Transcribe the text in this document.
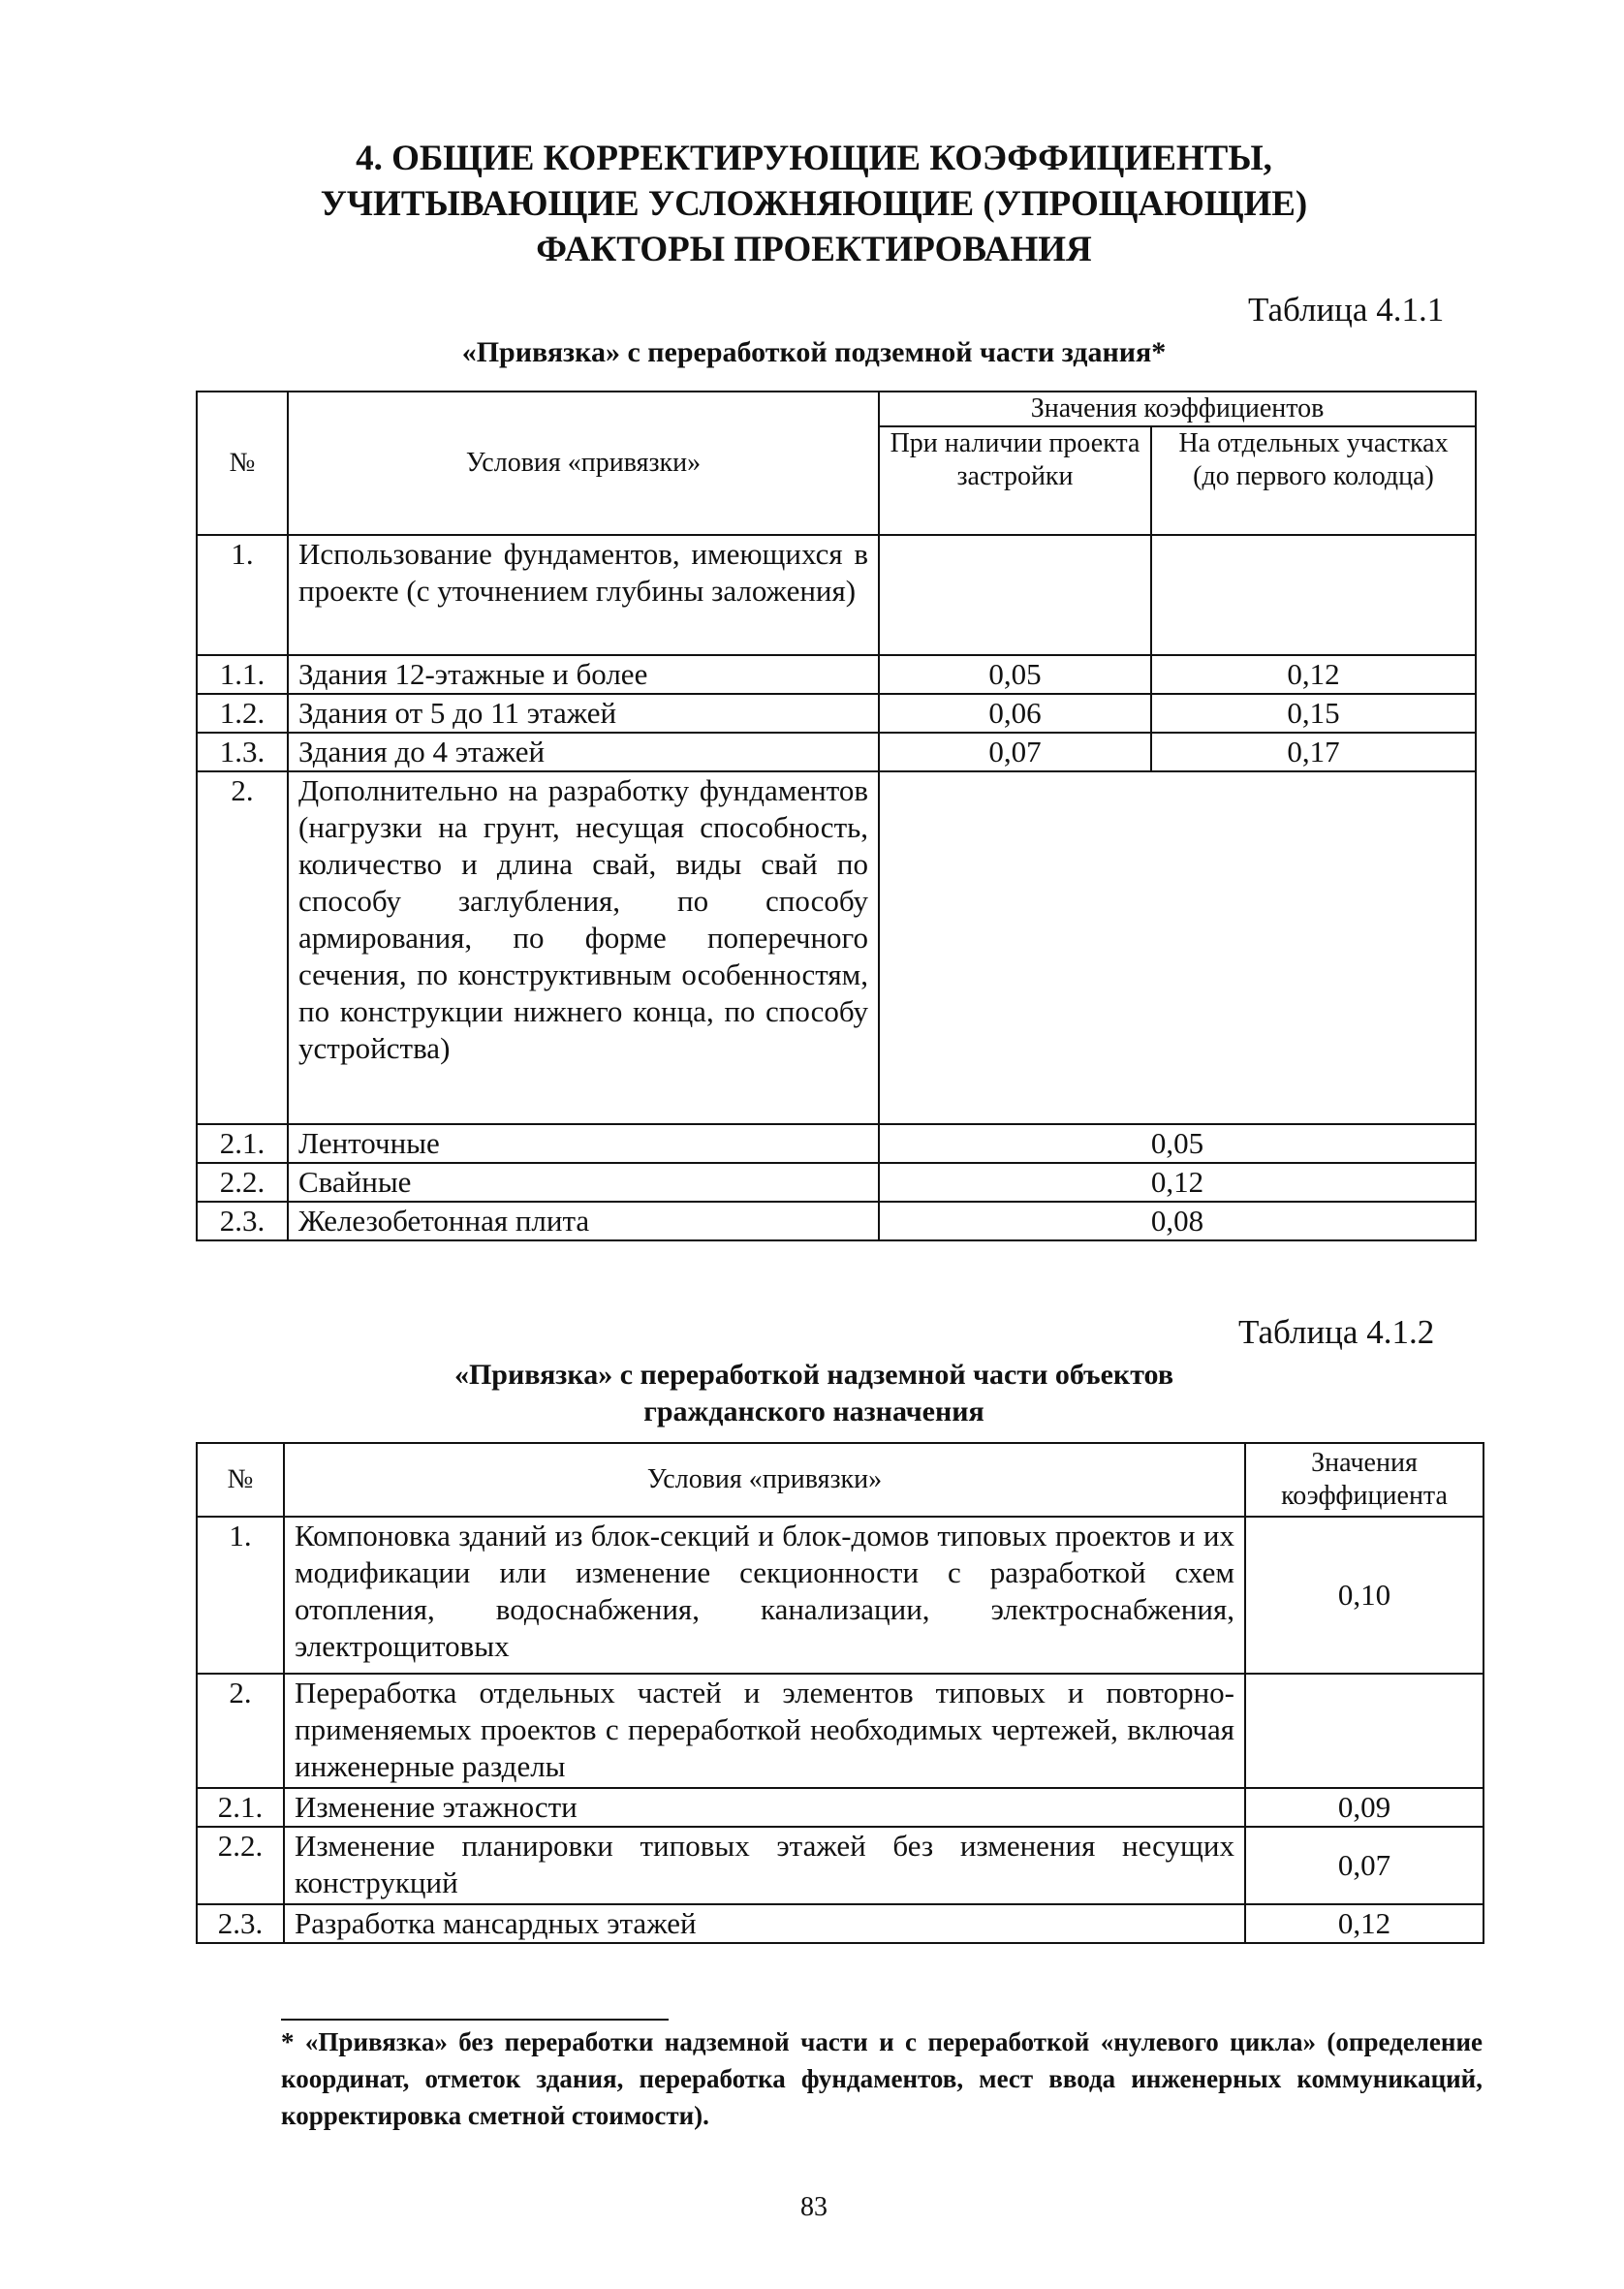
4. ОБЩИЕ КОРРЕКТИРУЮЩИЕ КОЭФФИЦИЕНТЫ,
УЧИТЫВАЮЩИЕ УСЛОЖНЯЮЩИЕ (УПРОЩАЮЩИЕ)
ФАКТОРЫ ПРОЕКТИРОВАНИЯ
Таблица 4.1.1
«Привязка» с переработкой подземной части здания*
№	Условия «привязки»	Значения коэффициентов	
		При наличии проекта застройки	На отдельных участках (до первого колодца)
1.	Использование фундаментов, имеющихся в проекте (с уточнением глубины заложения)		
1.1.	Здания 12-этажные и более	0,05	0,12
1.2.	Здания от 5 до 11 этажей	0,06	0,15
1.3.	Здания до 4 этажей	0,07	0,17
2.	Дополнительно на разработку фундаментов (нагрузки на грунт, несущая способность, количество и длина свай, виды свай по способу заглубления, по способу армирования, по форме поперечного сечения, по конструктивным особенностям, по конструкции нижнего конца, по способу устройства)		
2.1.	Ленточные	0,05	
2.2.	Свайные	0,12	
2.3.	Железобетонная плита	0,08	
Таблица 4.1.2
«Привязка» с переработкой надземной части объектов
гражданского назначения
№	Условия «привязки»	Значения коэффициента
1.	Компоновка зданий из блок-секций и блок-домов типовых проектов и их модификации или изменение секционности с разработкой схем отопления, водоснабжения, канализации, электроснабжения, электрощитовых	0,10
2.	Переработка отдельных частей и элементов типовых и повторно-применяемых проектов с переработкой необходимых чертежей, включая инженерные разделы	
2.1.	Изменение этажности	0,09
2.2.	Изменение планировки типовых этажей без изменения несущих конструкций	0,07
2.3.	Разработка мансардных этажей	0,12

* «Привязка» без переработки надземной части и с переработкой «нулевого цикла» (определение координат, отметок здания, переработка фундаментов, мест ввода инженерных коммуникаций, корректировка сметной стоимости).

83
